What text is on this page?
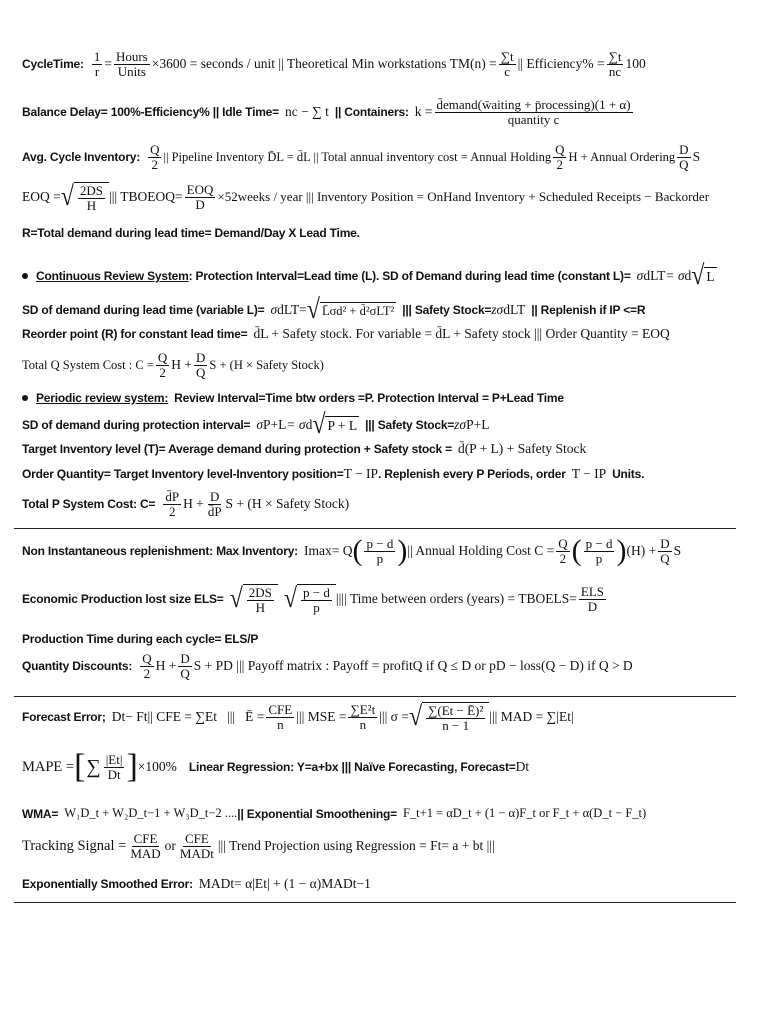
CycleTime: $\frac{1}{r}$ = Hours
Units ×3600 = seconds / unit || Theoretical Min workstations $TM(n) = \frac{\sum t}{c}$ || Efficiency% = $\frac{\sum t}{nc} 100$
Balance Delay= 100%-Efficiency% || Idle Time= nc − ∑ t || Containers: k = d̄emand(w̄aiting + p̄rocessing)(1 + α)
quantity c
Avg. Cycle Inventory:
Q
2 || Pipeline Inventory D̄L = d̄L || Total annual inventory cost = Annual Holding Q
2 H + Annual Ordering D
Q S
EOQ = √ 2DS
H
||| TBO EOQ = EOQ
D ×52weeks / year ||| Inventory Position = OnHand Inventory + Scheduled Receipts − Backorder
R=Total demand during lead time= Demand/Day X Lead Time.
Continuous Review System : Protection Interval=Lead time (L). SD of Demand during lead time (constant L)= σ dLT = σ d √ L
SD of demand during lead time (variable L)= σ dLT = √ L̄σd² + d̄²σLT² ||| Safety Stock= zσ dLT || Replenish if IP <=R
Reorder point (R) for constant lead time= d̄L + Safety stock. For variable = d̄L + Safety stock ||| Order Quantity = EOQ
Total Q System Cost : $C = \frac{Q}{2}$ $H + \frac{D}{Q}$ S + (H × Safety Stock)
Periodic review system: Review Interval=Time btw orders =P. Protection Interval = P+Lead Time
SD of demand during protection interval= σ P+L = σ d √ P + L ||| Safety Stock= zσ P+L
Target Inventory level (T)= Average demand during protection + Safety stock = d̄(P + L) + Safety Stock
Order Quantity= Target Inventory level-Inventory position= T − IP . Replenish every P Periods, order T − IP Units.
Total P System Cost: C=
d̄P
2 $H + \frac{D}{d̄P}$ S + (H × Safety Stock)
Non Instantaneous replenishment: Max Inventory: I max = Q ( p − d
p ) || Annual Holding Cost $C = \frac{Q}{2}$ ( p − d
p ) $(H) + \frac{D}{Q}$ S
Economic Production lost size ELS= √ 2DS
H √ p − d
p
|||| Time between orders (years) = TBO ELS = ELS
D
Production Time during each cycle= ELS/P
Quantity Discounts:
Q
2 $H + \frac{D}{Q}$ S + PD ||| Payoff matrix : Payoff = profitQ if Q ≤ D or pD − loss(Q − D) if Q > D
Forecast Error; D t − F t || CFE = ∑E t ||| Ē = CFE
n ||| MSE = $\frac{\text{∑E²t}}{n}$ ||| σ = √ ∑(Et − Ē)²
n − 1
||| MAD = ∑|E t |
MAPE = [ ∑ |Et|
Dt ] ×100% Linear Regression: Y=a+bx ||| Naïve Forecasting, Forecast= D t
WMA= W₁D_t + W₂D_t−1 + W₃D_t−2 .... || Exponential Smoothening= F_t+1 = αD_t + (1 − α)F_t or F_t + α(D_t − F_t)
Tracking Signal = CFE
MAD or CFE
MADt ||| Trend Projection using Regression = F t = a + bt |||
Exponentially Smoothed Error: MAD t = α|E t | + (1 − α)MAD t−1
